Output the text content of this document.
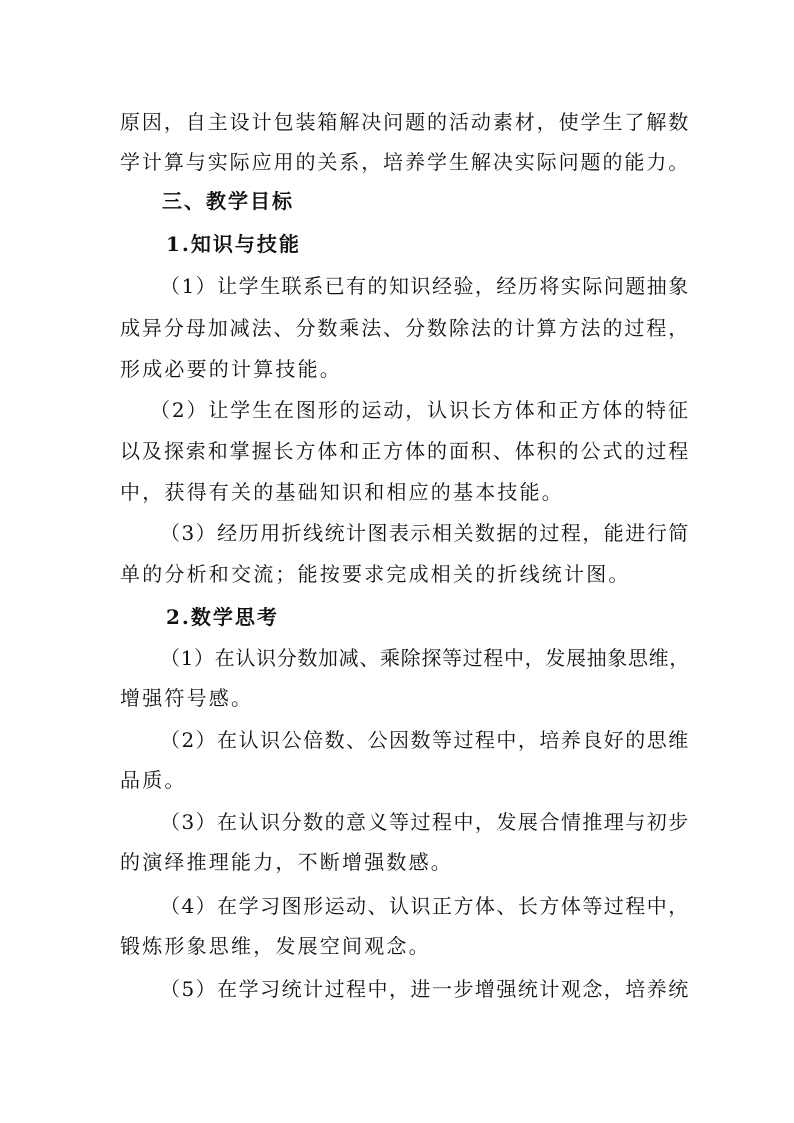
原因，自主设计包装箱解决问题的活动素材，使学生了解数
学计算与实际应用的关系，培养学生解决实际问题的能力。
三、教学目标
1.知识与技能
（1）让学生联系已有的知识经验，经历将实际问题抽象
成异分母加减法、分数乘法、分数除法的计算方法的过程，
形成必要的计算技能。
（2）让学生在图形的运动，认识长方体和正方体的特征
以及探索和掌握长方体和正方体的面积、体积的公式的过程
中，获得有关的基础知识和相应的基本技能。
（3）经历用折线统计图表示相关数据的过程，能进行简
单的分析和交流；能按要求完成相关的折线统计图。
2.数学思考
（1）在认识分数加减、乘除探等过程中，发展抽象思维，
增强符号感。
（2）在认识公倍数、公因数等过程中，培养良好的思维
品质。
（3）在认识分数的意义等过程中，发展合情推理与初步
的演绎推理能力，不断增强数感。
（4）在学习图形运动、认识正方体、长方体等过程中，
锻炼形象思维，发展空间观念。
（5）在学习统计过程中，进一步增强统计观念，培养统
